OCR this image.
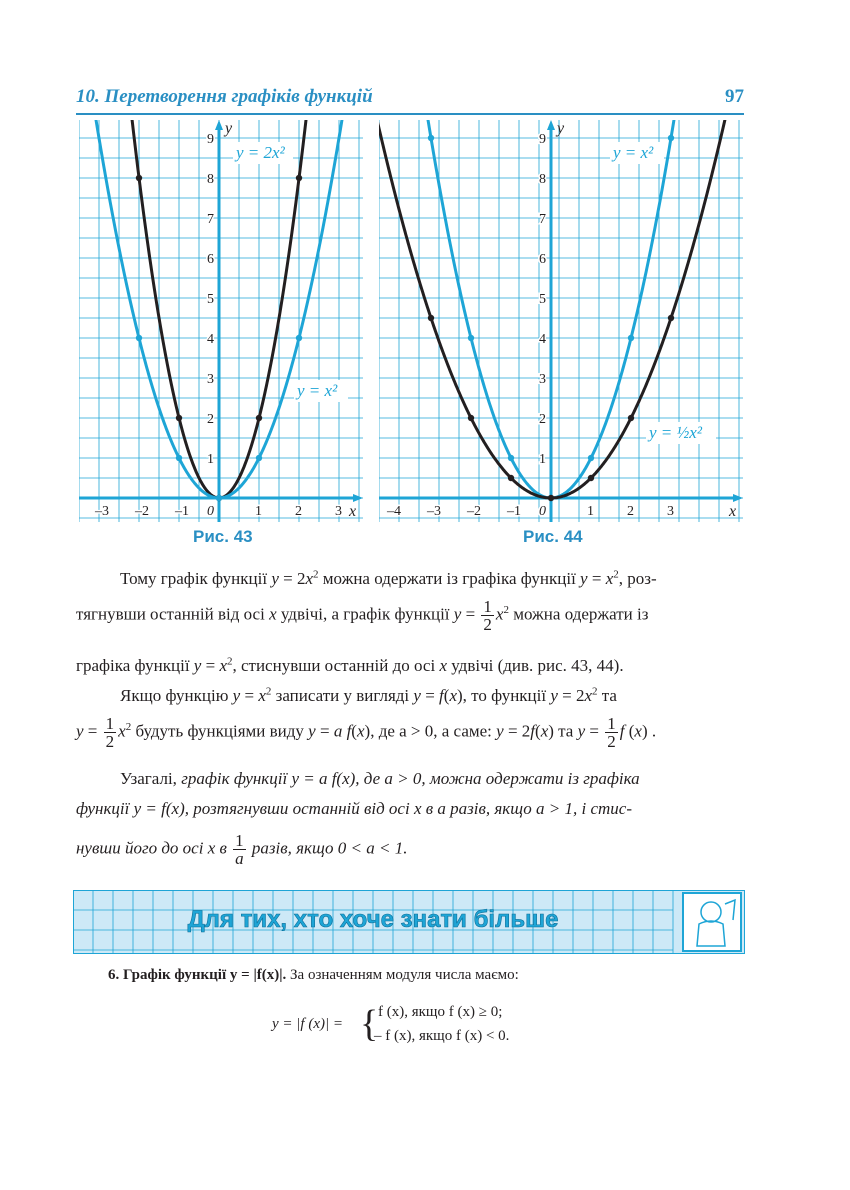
10. Перетворення графіків функцій	97
–3 –2 –1 0	1 2 3
1
2
3
4
5
6
7
8
9
x
y
y = 2x²
y = x²
–4 –3 –2 –1 0	1 2 3
1
2
3
4
5
6
7
8
9
x
y
y = x²
y = ½x²
Рис. 43	Рис. 44
Тому графік функції $y = 2x^2$ можна одержати із графіка функції $y = x^2$, роз-
тягнувши останній від осі x удвічі, а графік функції $y = \frac{1}{2} x^2$ можна одержати із
графіка функції $y = x^2$, стиснувши останній до осі x удвічі (див. рис. 43, 44).
Якщо функцію $y = x^2$ записати у вигляді y = f(x), то функції $y = 2x^2$ та
$y = \frac{1}{2} x^2$ будуть функціями виду y = a f(x), де a > 0, а саме: y = 2f(x) та $y = \frac{1}{2}$ f (x) .
Узагалі, графік функції y = a f(x), де a > 0, можна одержати із графіка
функції y = f(x), розтягнувши останній від осі x в a разів, якщо a > 1, і стис-
нувши його до осі x в $\frac{1}{a}$ разів, якщо 0 < a < 1.
Для тих, хто хоче знати більше
6. Графік функції y = |f(x)|. За означенням модуля числа маємо:
y = |f (x)| = { f (x), якщо f (x) ≥ 0;
– f (x), якщо f (x) < 0.
